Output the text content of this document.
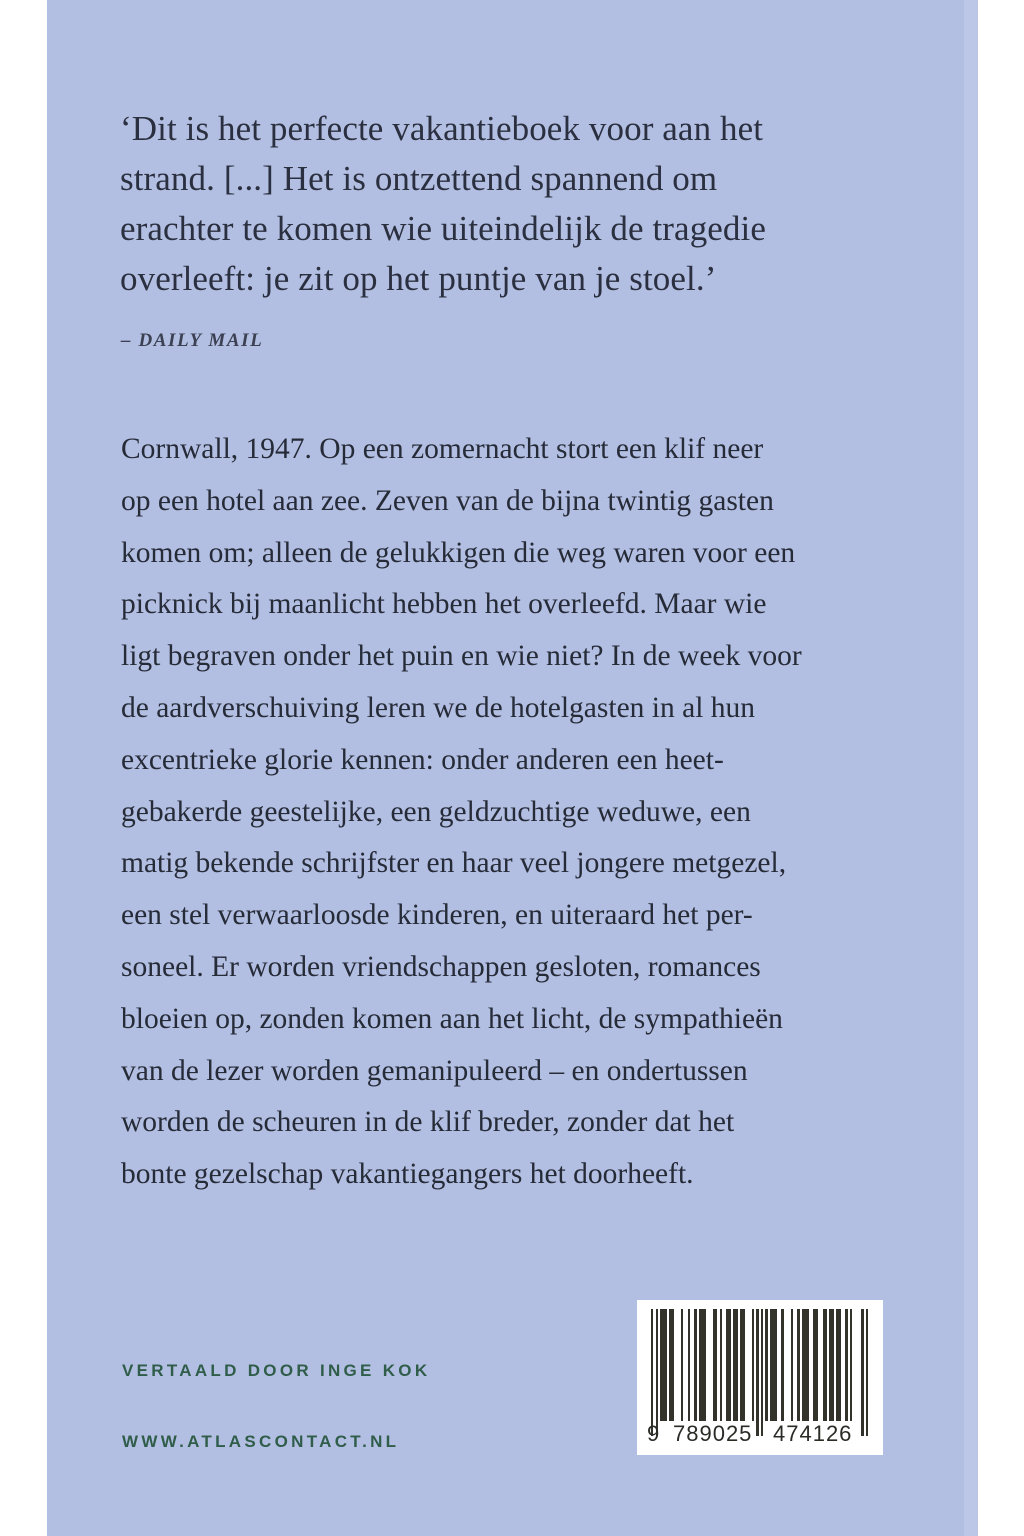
‘Dit is het perfecte vakantieboek voor aan het
strand. [...] Het is ontzettend spannend om
erachter te komen wie uiteindelijk de tragedie
overleeft: je zit op het puntje van je stoel.’
– DAILY MAIL
Cornwall, 1947. Op een zomernacht stort een klif neer
op een hotel aan zee. Zeven van de bijna twintig gasten
komen om; alleen de gelukkigen die weg waren voor een
picknick bij maanlicht hebben het overleefd. Maar wie
ligt begraven onder het puin en wie niet? In de week voor
de aardverschuiving leren we de hotelgasten in al hun
excentrieke glorie kennen: onder anderen een heet-
gebakerde geestelijke, een geldzuchtige weduwe, een
matig bekende schrijfster en haar veel jongere metgezel,
een stel verwaarloosde kinderen, en uiteraard het per-
soneel. Er worden vriendschappen gesloten, romances
bloeien op, zonden komen aan het licht, de sympathieën
van de lezer worden gemanipuleerd – en ondertussen
worden de scheuren in de klif breder, zonder dat het
bonte gezelschap vakantiegangers het doorheeft.
VERTAALD DOOR INGE KOK
WWW.ATLASCONTACT.NL	9 789025 474126
